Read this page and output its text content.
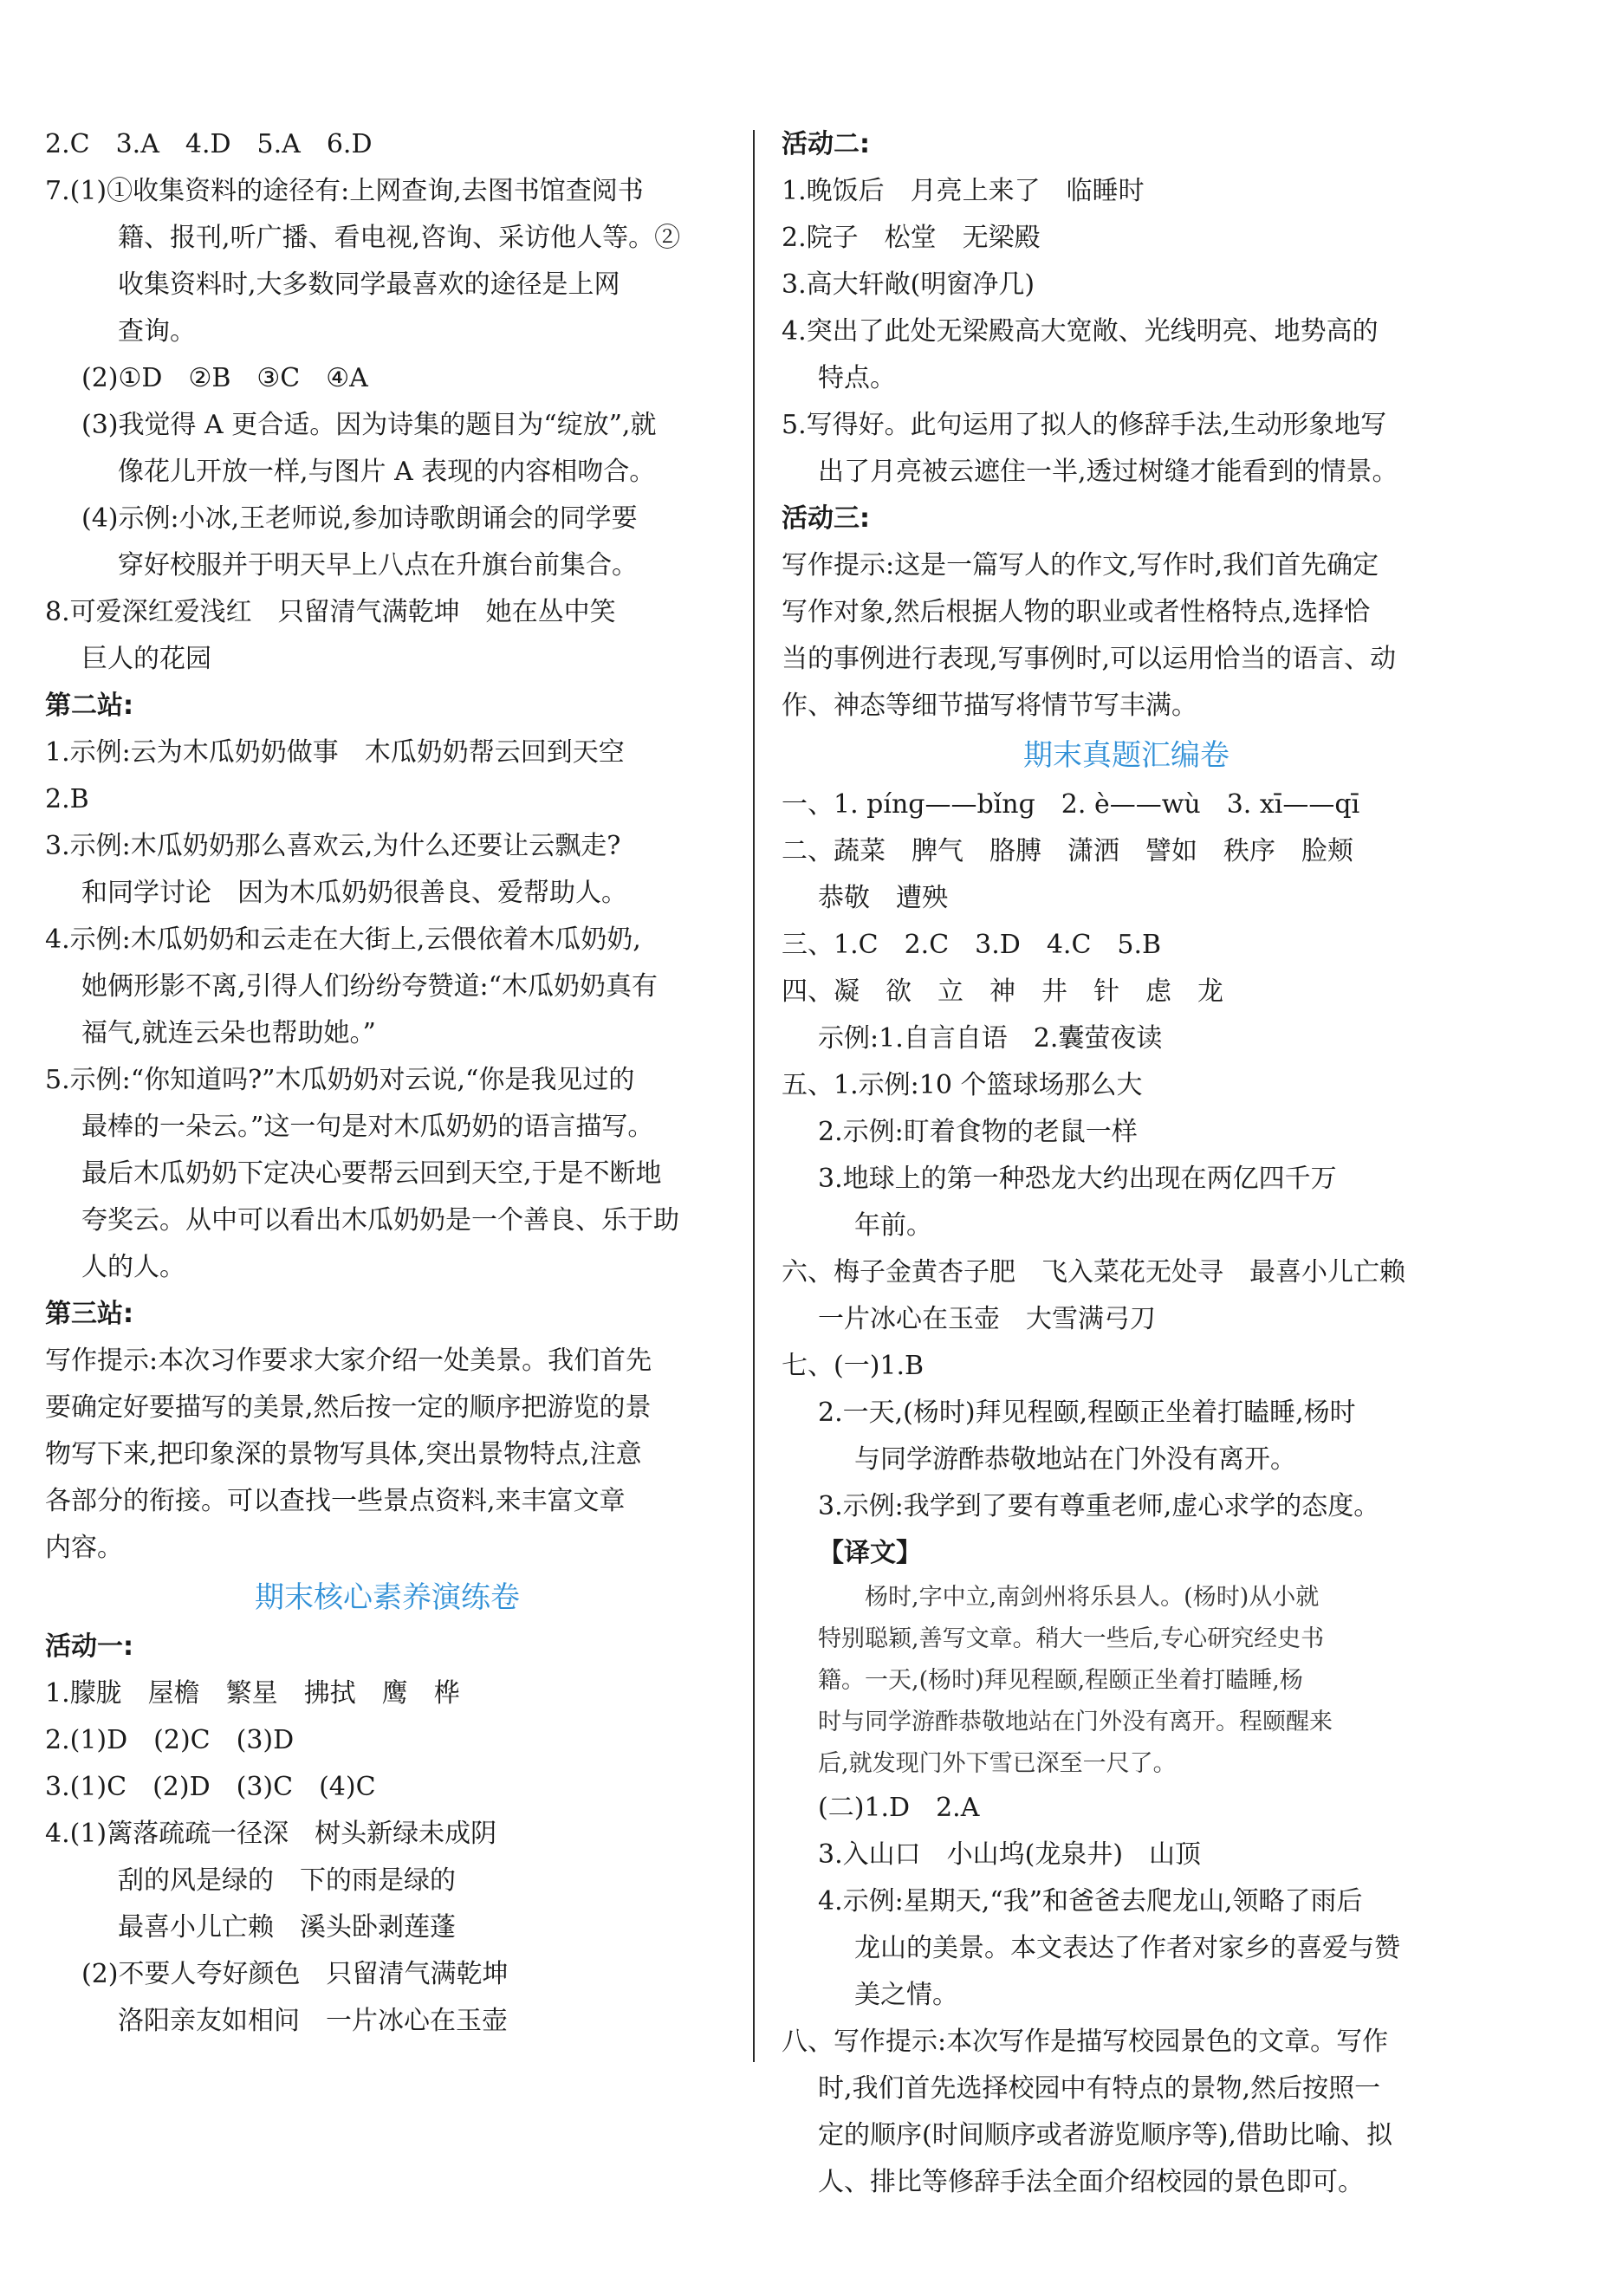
2.C　3.A　4.D　5.A　6.D
7.(1)①收集资料的途径有:上网查询,去图书馆查阅书
籍、报刊,听广播、看电视,咨询、采访他人等。②
收集资料时,大多数同学最喜欢的途径是上网
查询。
(2)①D　②B　③C　④A
(3)我觉得 A 更合适。因为诗集的题目为“绽放”,就
像花儿开放一样,与图片 A 表现的内容相吻合。
(4)示例:小冰,王老师说,参加诗歌朗诵会的同学要
穿好校服并于明天早上八点在升旗台前集合。
8.可爱深红爱浅红　只留清气满乾坤　她在丛中笑
巨人的花园
第二站:
1.示例:云为木瓜奶奶做事　木瓜奶奶帮云回到天空
2.B
3.示例:木瓜奶奶那么喜欢云,为什么还要让云飘走?
和同学讨论　因为木瓜奶奶很善良、爱帮助人。
4.示例:木瓜奶奶和云走在大街上,云偎依着木瓜奶奶,
她俩形影不离,引得人们纷纷夸赞道:“木瓜奶奶真有
福气,就连云朵也帮助她。”
5.示例:“你知道吗?”木瓜奶奶对云说,“你是我见过的
最棒的一朵云。”这一句是对木瓜奶奶的语言描写。
最后木瓜奶奶下定决心要帮云回到天空,于是不断地
夸奖云。从中可以看出木瓜奶奶是一个善良、乐于助
人的人。
第三站:
写作提示:本次习作要求大家介绍一处美景。我们首先
要确定好要描写的美景,然后按一定的顺序把游览的景
物写下来,把印象深的景物写具体,突出景物特点,注意
各部分的衔接。可以查找一些景点资料,来丰富文章
内容。
期末核心素养演练卷
活动一:
1.朦胧　屋檐　繁星　拂拭　鹰　桦
2.(1)D　(2)C　(3)D
3.(1)C　(2)D　(3)C　(4)C
4.(1)篱落疏疏一径深　树头新绿未成阴
刮的风是绿的　下的雨是绿的
最喜小儿亡赖　溪头卧剥莲蓬
(2)不要人夸好颜色　只留清气满乾坤
洛阳亲友如相问　一片冰心在玉壶
活动二:
1.晚饭后　月亮上来了　临睡时
2.院子　松堂　无梁殿
3.高大轩敞(明窗净几)
4.突出了此处无梁殿高大宽敞、光线明亮、地势高的
特点。
5.写得好。此句运用了拟人的修辞手法,生动形象地写
出了月亮被云遮住一半,透过树缝才能看到的情景。
活动三:
写作提示:这是一篇写人的作文,写作时,我们首先确定
写作对象,然后根据人物的职业或者性格特点,选择恰
当的事例进行表现,写事例时,可以运用恰当的语言、动
作、神态等细节描写将情节写丰满。
期末真题汇编卷
一、1. pínɡ——bǐnɡ　2. è——wù　3. xī——qī
二、蔬菜　脾气　胳膊　潇洒　譬如　秩序　脸颊
恭敬　遭殃
三、1.C　2.C　3.D　4.C　5.B
四、凝　欲　立　神　井　针　虑　龙
示例:1.自言自语　2.囊萤夜读
五、1.示例:10 个篮球场那么大
2.示例:盯着食物的老鼠一样
3.地球上的第一种恐龙大约出现在两亿四千万
年前。
六、梅子金黄杏子肥　飞入菜花无处寻　最喜小儿亡赖
一片冰心在玉壶　大雪满弓刀
七、(一)1.B
2.一天,(杨时)拜见程颐,程颐正坐着打瞌睡,杨时
与同学游酢恭敬地站在门外没有离开。
3.示例:我学到了要有尊重老师,虚心求学的态度。
【译文】
　　杨时,字中立,南剑州将乐县人。(杨时)从小就
特别聪颖,善写文章。稍大一些后,专心研究经史书
籍。一天,(杨时)拜见程颐,程颐正坐着打瞌睡,杨
时与同学游酢恭敬地站在门外没有离开。程颐醒来
后,就发现门外下雪已深至一尺了。
(二)1.D　2.A
3.入山口　小山坞(龙泉井)　山顶
4.示例:星期天,“我”和爸爸去爬龙山,领略了雨后
龙山的美景。本文表达了作者对家乡的喜爱与赞
美之情。
八、写作提示:本次写作是描写校园景色的文章。写作
时,我们首先选择校园中有特点的景物,然后按照一
定的顺序(时间顺序或者游览顺序等),借助比喻、拟
人、排比等修辞手法全面介绍校园的景色即可。
